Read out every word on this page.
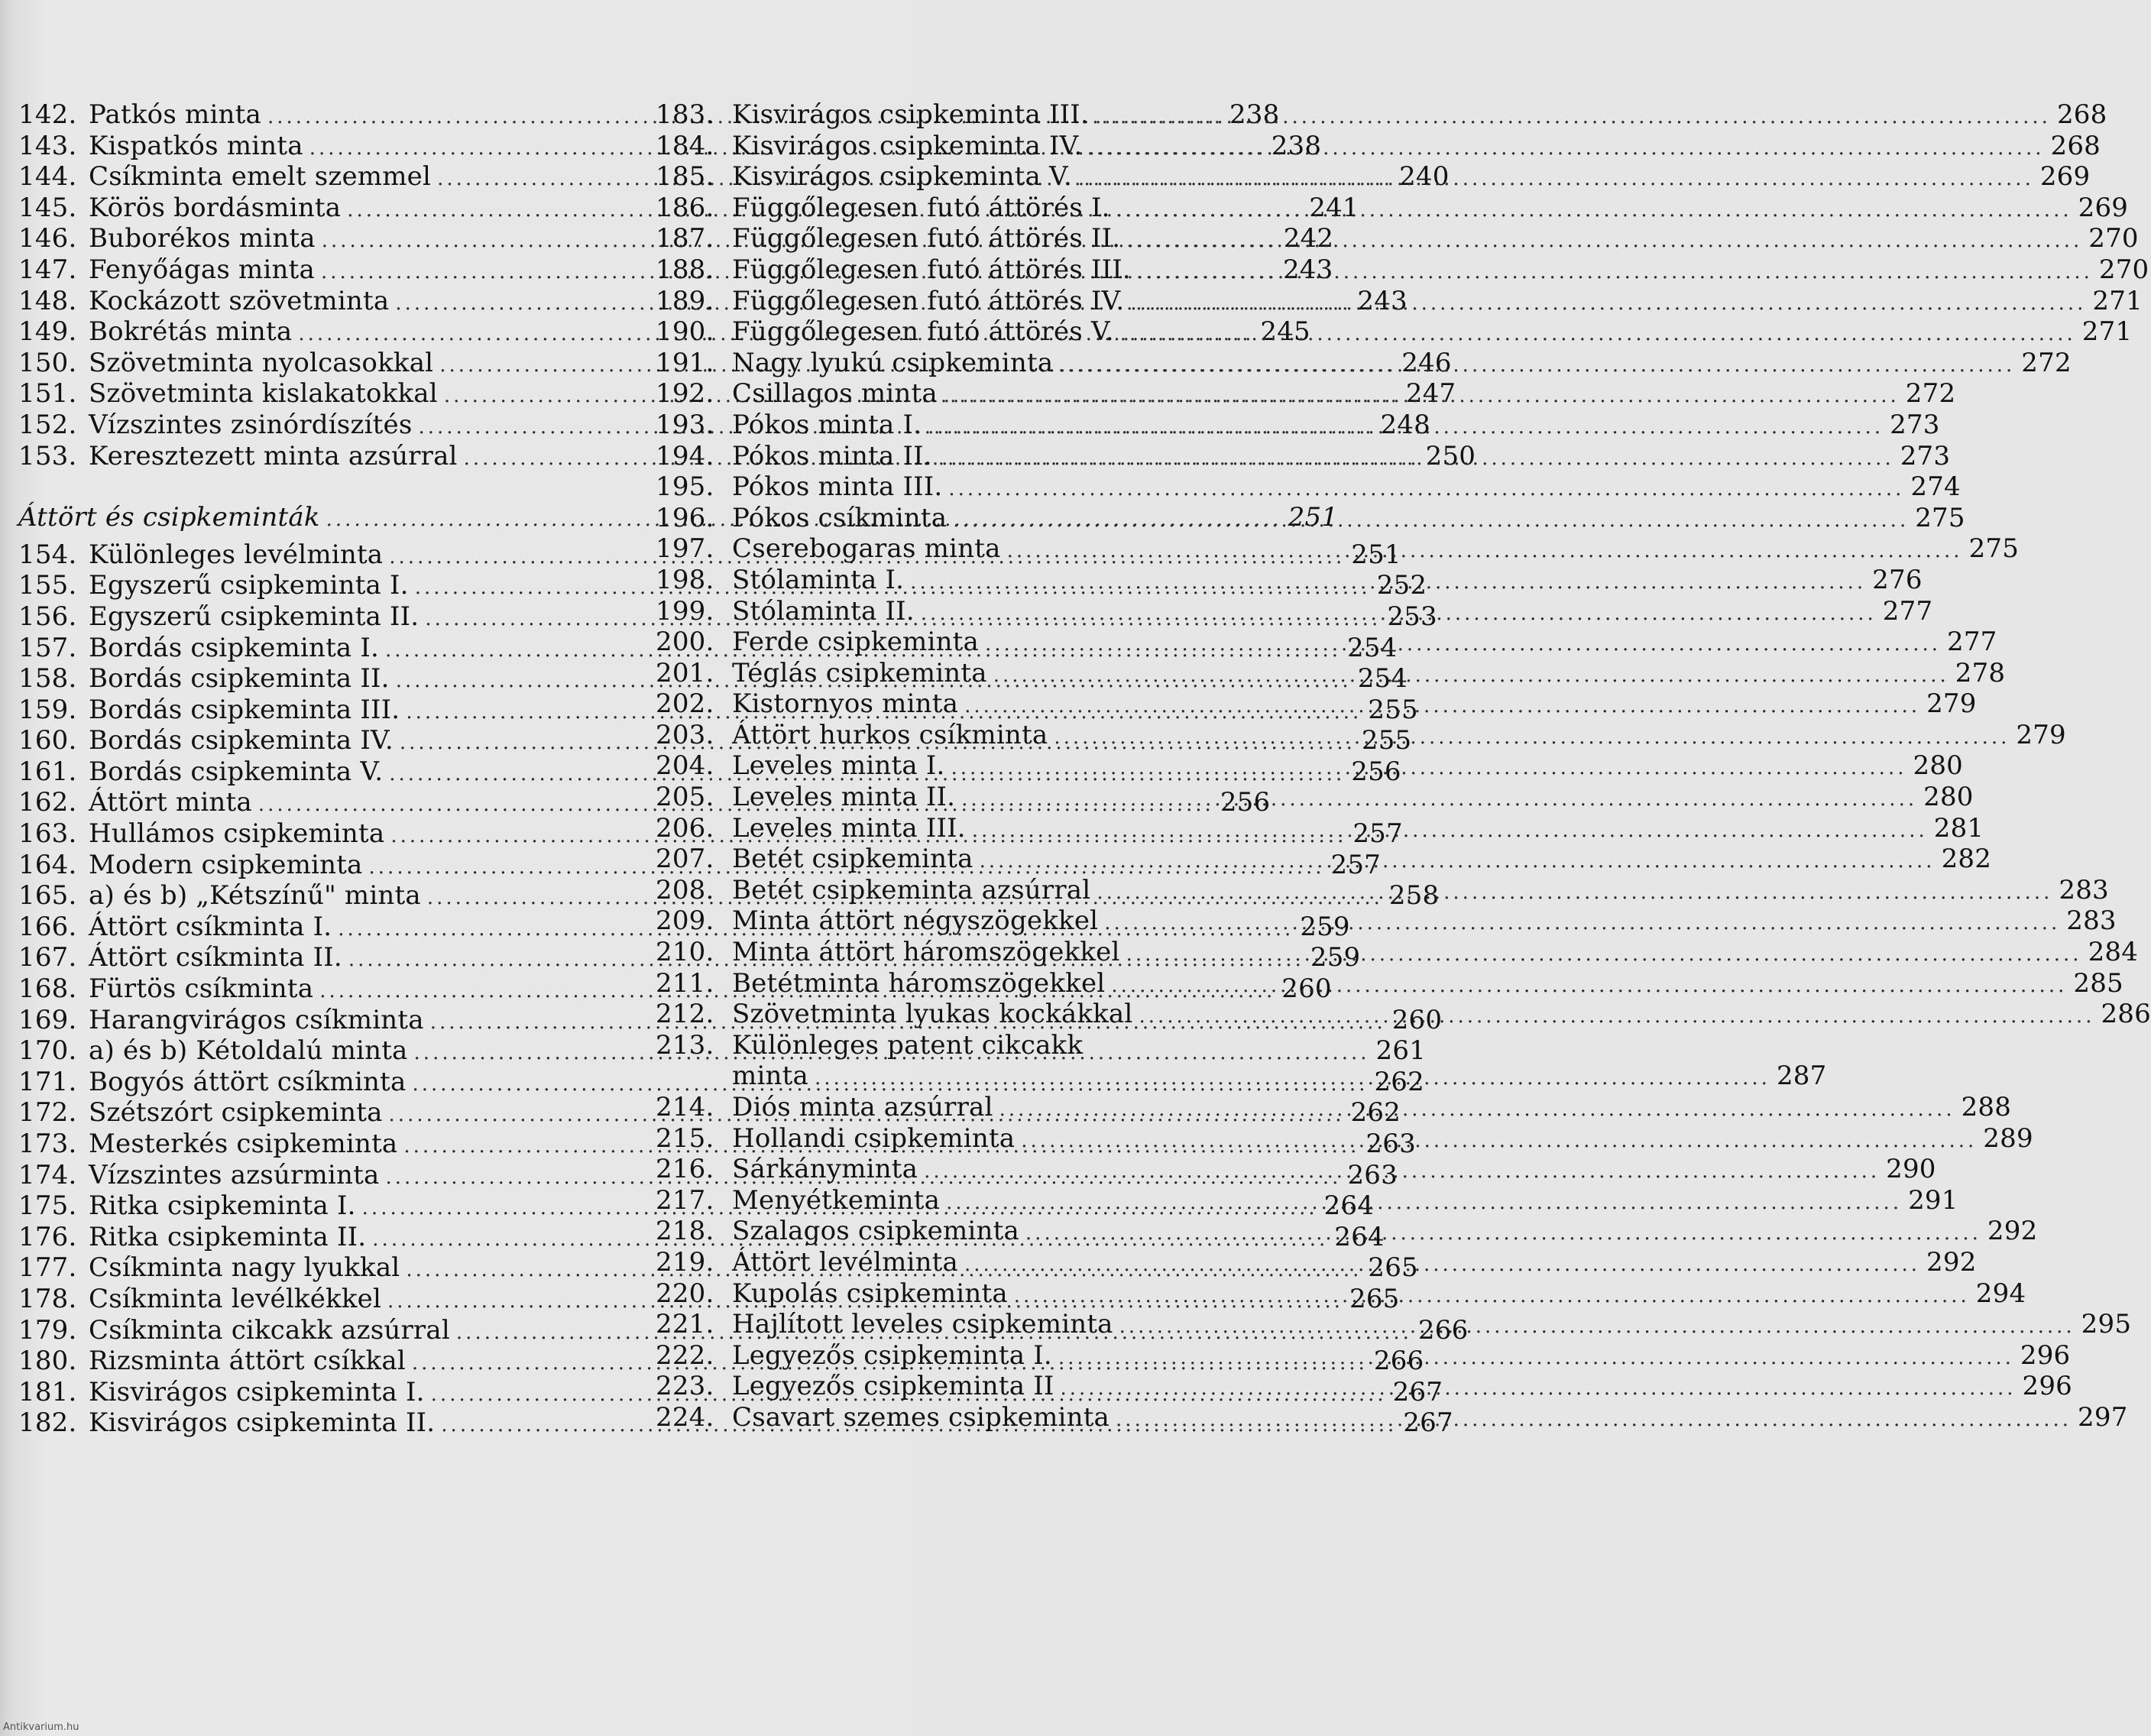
142. Patkós minta .....	238
143. Kispatkós minta .....	238
144. Csíkminta emelt szemmel .....	240
145. Körös bordásminta .....	241
146. Buborékos minta .....	242
147. Fenyőágas minta .....	243
148. Kockázott szövetminta .....	243
149. Bokrétás minta .....	245
150. Szövetminta nyolcasokkal .....	246
151. Szövetminta kislakatokkal .....	247
152. Vízszintes zsinórdíszítés .....	248
153. Keresztezett minta azsúrral .....	250
Áttört és csipkeminták .....	251
154. Különleges levélminta .....	251
155. Egyszerű csipkeminta I. .....	252
156. Egyszerű csipkeminta II. .....	253
157. Bordás csipkeminta I. .....	254
158. Bordás csipkeminta II. .....	254
159. Bordás csipkeminta III. .....	255
160. Bordás csipkeminta IV. .....	255
161. Bordás csipkeminta V. .....	256
162. Áttört minta .....	256
163. Hullámos csipkeminta .....	257
164. Modern csipkeminta .....	257
165. a) és b) „Kétszínű" minta .....	258
166. Áttört csíkminta I. .....	259
167. Áttört csíkminta II. .....	259
168. Fürtös csíkminta .....	260
169. Harangvirágos csíkminta .....	260
170. a) és b) Kétoldalú minta .....	261
171. Bogyós áttört csíkminta .....	262
172. Szétszórt csipkeminta .....	262
173. Mesterkés csipkeminta .....	263
174. Vízszintes azsúrminta .....	263
175. Ritka csipkeminta I. .....	264
176. Ritka csipkeminta II. .....	264
177. Csíkminta nagy lyukkal .....	265
178. Csíkminta levélkékkel .....	265
179. Csíkminta cikcakk azsúrral .....	266
180. Rizsminta áttört csíkkal .....	266
181. Kisvirágos csipkeminta I. .....	267
182. Kisvirágos csipkeminta II. .....	267
183. Kisvirágos csipkeminta III. .....	268
184. Kisvirágos csipkeminta IV. .....	268
185. Kisvirágos csipkeminta V. .....	269
186. Függőlegesen futó áttörés I. .....	269
187. Függőlegesen futó áttörés II. .....	270
188. Függőlegesen futó áttörés III. .....	270
189. Függőlegesen futó áttörés IV. .....	271
190. Függőlegesen futó áttörés V. .....	271
191. Nagy lyukú csipkeminta .....	272
192. Csillagos minta .....	272
193. Pókos minta I. .....	273
194. Pókos minta II. .....	273
195. Pókos minta III. .....	274
196. Pókos csíkminta .....	275
197. Cserebogaras minta .....	275
198. Stólaminta I. .....	276
199. Stólaminta II. .....	277
200. Ferde csipkeminta .....	277
201. Téglás csipkeminta .....	278
202. Kistornyos minta .....	279
203. Áttört hurkos csíkminta .....	279
204. Leveles minta I. .....	280
205. Leveles minta II. .....	280
206. Leveles minta III. .....	281
207. Betét csipkeminta .....	282
208. Betét csipkeminta azsúrral .....	283
209. Minta áttört négyszögekkel .....	283
210. Minta áttört háromszögekkel .....	284
211. Betétminta háromszögekkel .....	285
212. Szövetminta lyukas kockákkal .....	286
213. Különleges patent cikcakk
minta .....	287
214. Diós minta azsúrral .....	288
215. Hollandi csipkeminta .....	289
216. Sárkányminta .....	290
217. Menyétkeminta .....	291
218. Szalagos csipkeminta .....	292
219. Áttört levélminta .....	292
220. Kupolás csipkeminta .....	294
221. Hajlított leveles csipkeminta .....	295
222. Legyezős csipkeminta I. .....	296
223. Legyezős csipkeminta II .....	296
224. Csavart szemes csipkeminta .....	297
Antikvarium.hu
